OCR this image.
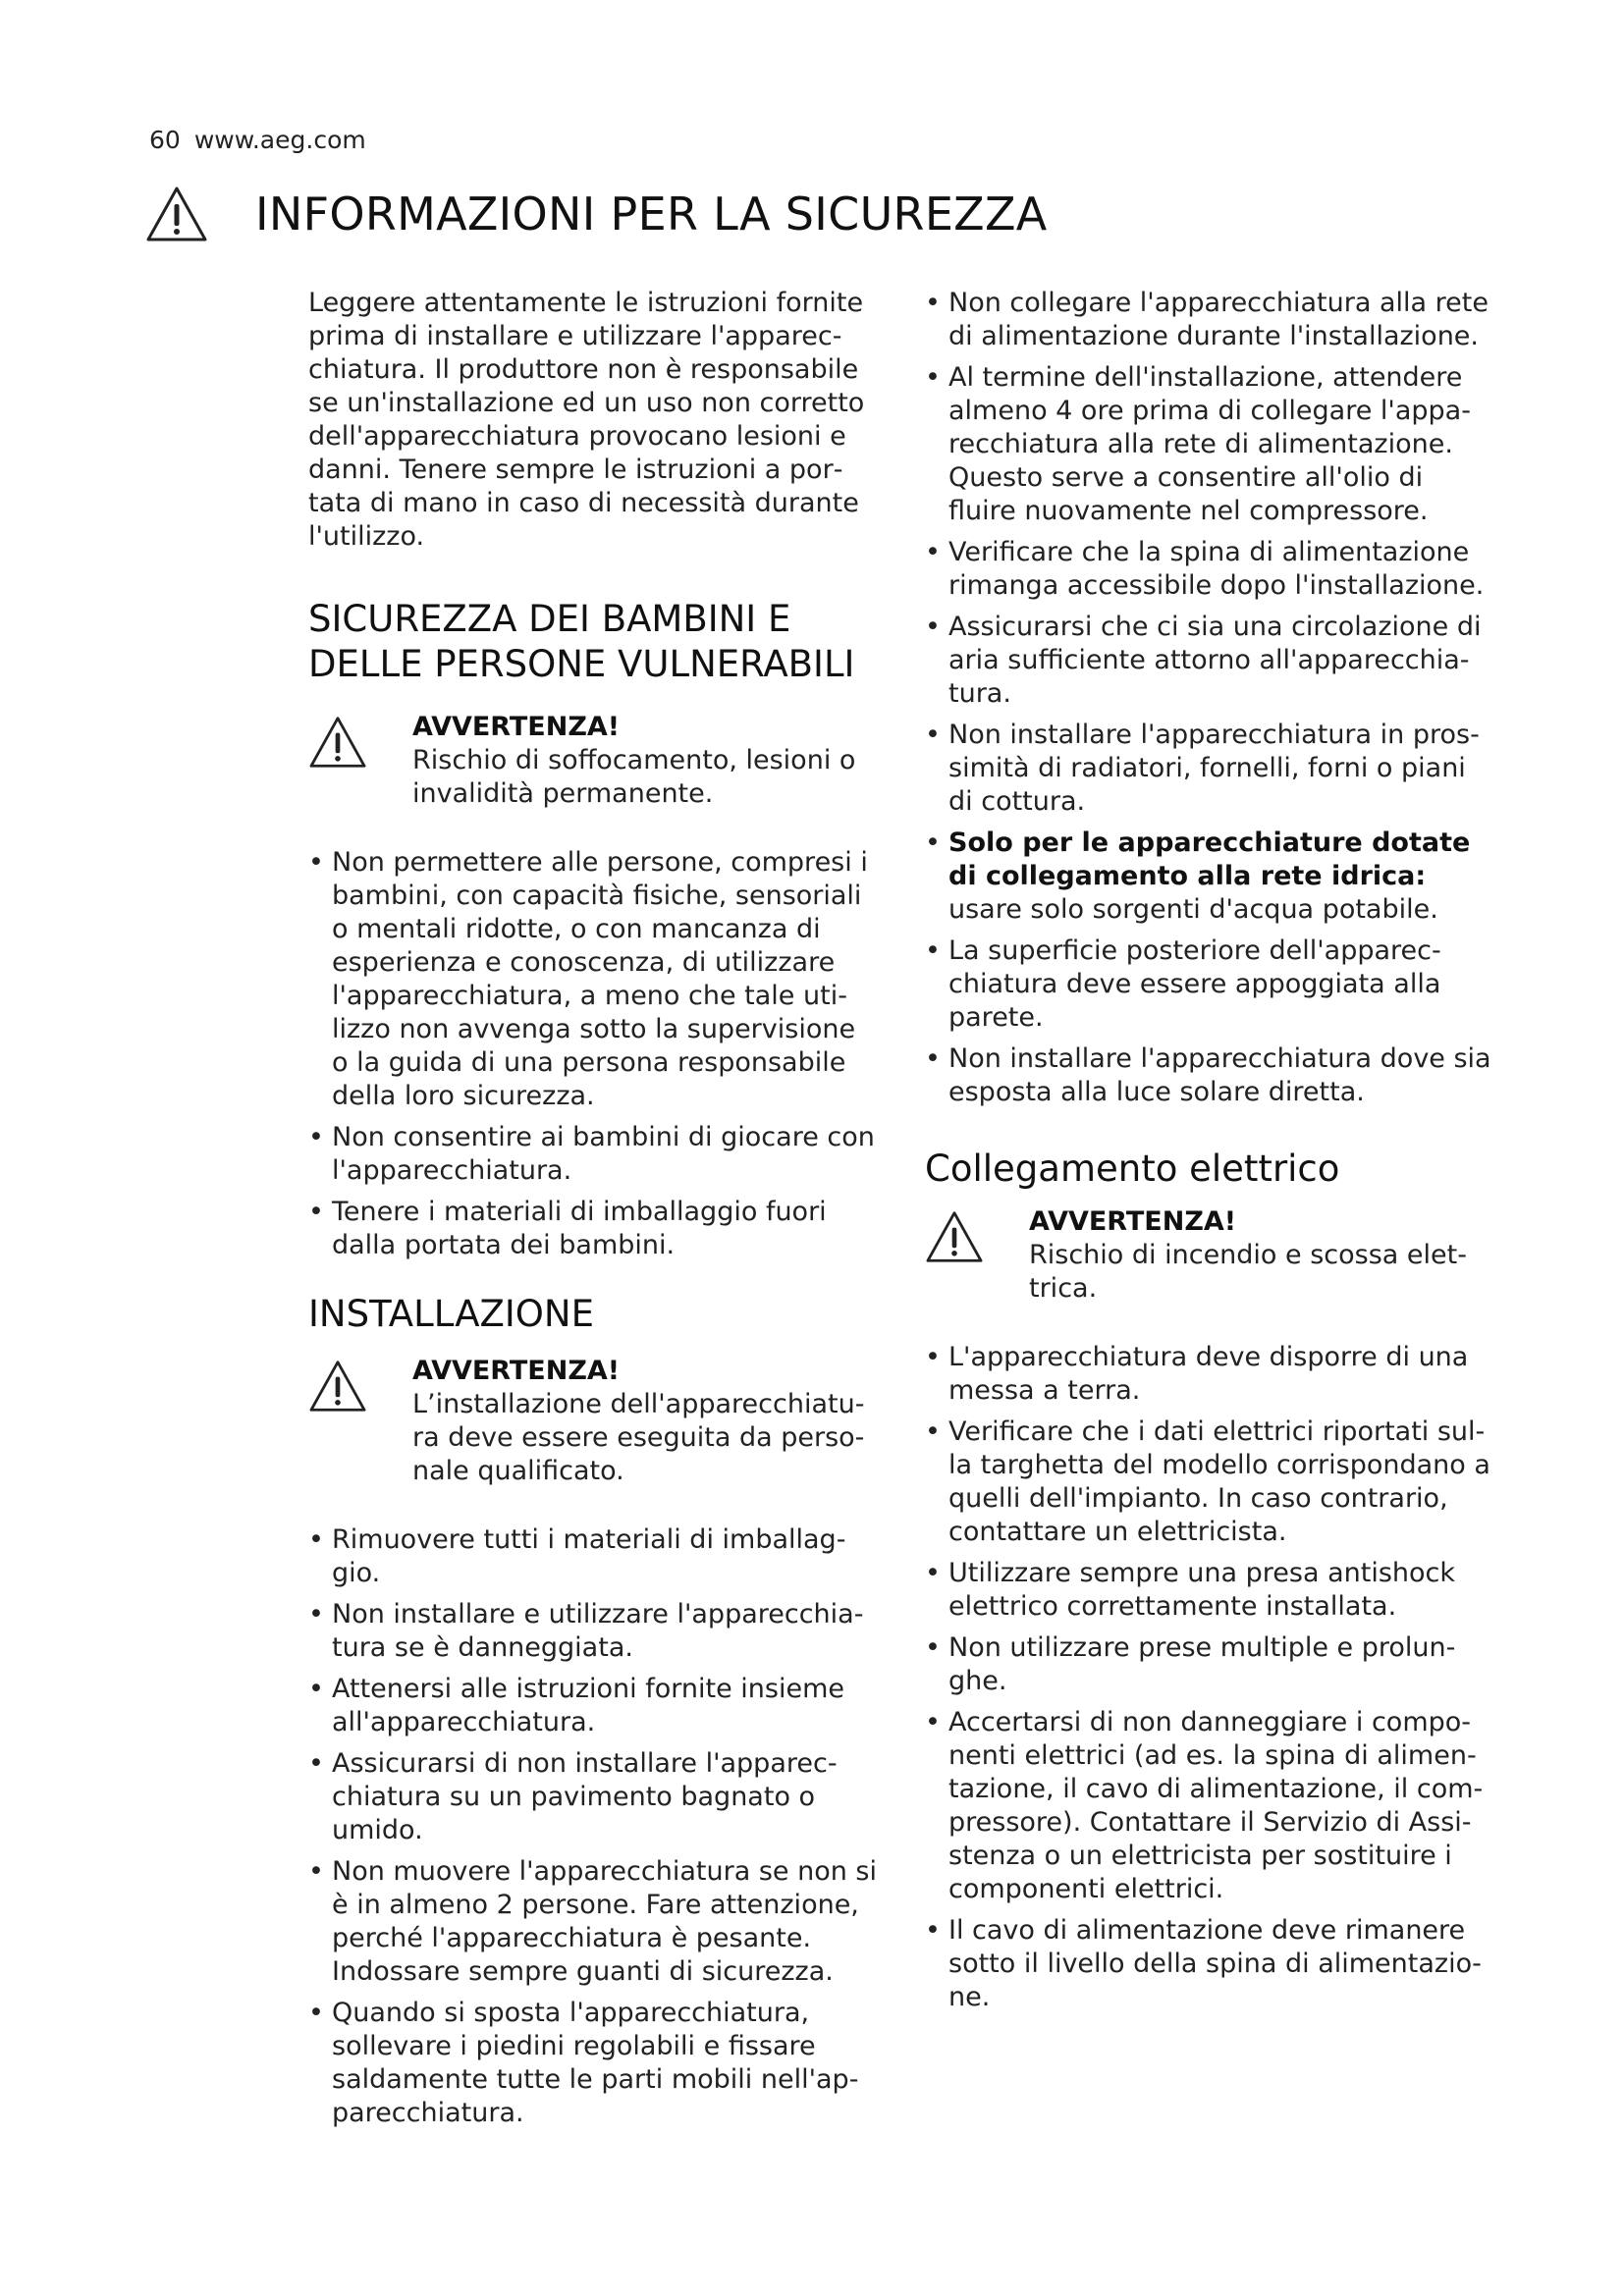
60 www.aeg.com
INFORMAZIONI PER LA SICUREZZA

Leggere attentamente le istruzioni fornite prima di installare e utilizzare l'apparecchiatura. Il produttore non è responsabile se un'installazione ed un uso non corretto dell'apparecchiatura provocano lesioni e danni. Tenere sempre le istruzioni a portata di mano in caso di necessità durante l'utilizzo.

SICUREZZA DEI BAMBINI E DELLE PERSONE VULNERABILI
AVVERTENZA!
Rischio di soffocamento, lesioni o invalidità permanente.
• Non permettere alle persone, compresi i bambini, con capacità fisiche, sensoriali o mentali ridotte, o con mancanza di esperienza e conoscenza, di utilizzare l'apparecchiatura, a meno che tale utilizzo non avvenga sotto la supervisione o la guida di una persona responsabile della loro sicurezza.
• Non consentire ai bambini di giocare con l'apparecchiatura.
• Tenere i materiali di imballaggio fuori dalla portata dei bambini.
INSTALLAZIONE
AVVERTENZA!
L’installazione dell'apparecchiatura deve essere eseguita da personale qualificato.
• Rimuovere tutti i materiali di imballaggio.
• Non installare e utilizzare l'apparecchiatura se è danneggiata.
• Attenersi alle istruzioni fornite insieme all'apparecchiatura.
• Assicurarsi di non installare l'apparecchiatura su un pavimento bagnato o umido.
• Non muovere l'apparecchiatura se non si è in almeno 2 persone. Fare attenzione, perché l'apparecchiatura è pesante. Indossare sempre guanti di sicurezza.
• Quando si sposta l'apparecchiatura, sollevare i piedini regolabili e fissare saldamente tutte le parti mobili nell'apparecchiatura.
• Non collegare l'apparecchiatura alla rete di alimentazione durante l'installazione.
• Al termine dell'installazione, attendere almeno 4 ore prima di collegare l'apparecchiatura alla rete di alimentazione. Questo serve a consentire all'olio di fluire nuovamente nel compressore.
• Verificare che la spina di alimentazione rimanga accessibile dopo l'installazione.
• Assicurarsi che ci sia una circolazione di aria sufficiente attorno all'apparecchiatura.
• Non installare l'apparecchiatura in prossimità di radiatori, fornelli, forni o piani di cottura.
• Solo per le apparecchiature dotate di collegamento alla rete idrica: usare solo sorgenti d'acqua potabile.
• La superficie posteriore dell'apparecchiatura deve essere appoggiata alla parete.
• Non installare l'apparecchiatura dove sia esposta alla luce solare diretta.
Collegamento elettrico
AVVERTENZA!
Rischio di incendio e scossa elettrica.
• L'apparecchiatura deve disporre di una messa a terra.
• Verificare che i dati elettrici riportati sulla targhetta del modello corrispondano a quelli dell'impianto. In caso contrario, contattare un elettricista.
• Utilizzare sempre una presa antishock elettrico correttamente installata.
• Non utilizzare prese multiple e prolunghe.
• Accertarsi di non danneggiare i componenti elettrici (ad es. la spina di alimentazione, il cavo di alimentazione, il compressore). Contattare il Servizio di Assistenza o un elettricista per sostituire i componenti elettrici.
• Il cavo di alimentazione deve rimanere sotto il livello della spina di alimentazione.
